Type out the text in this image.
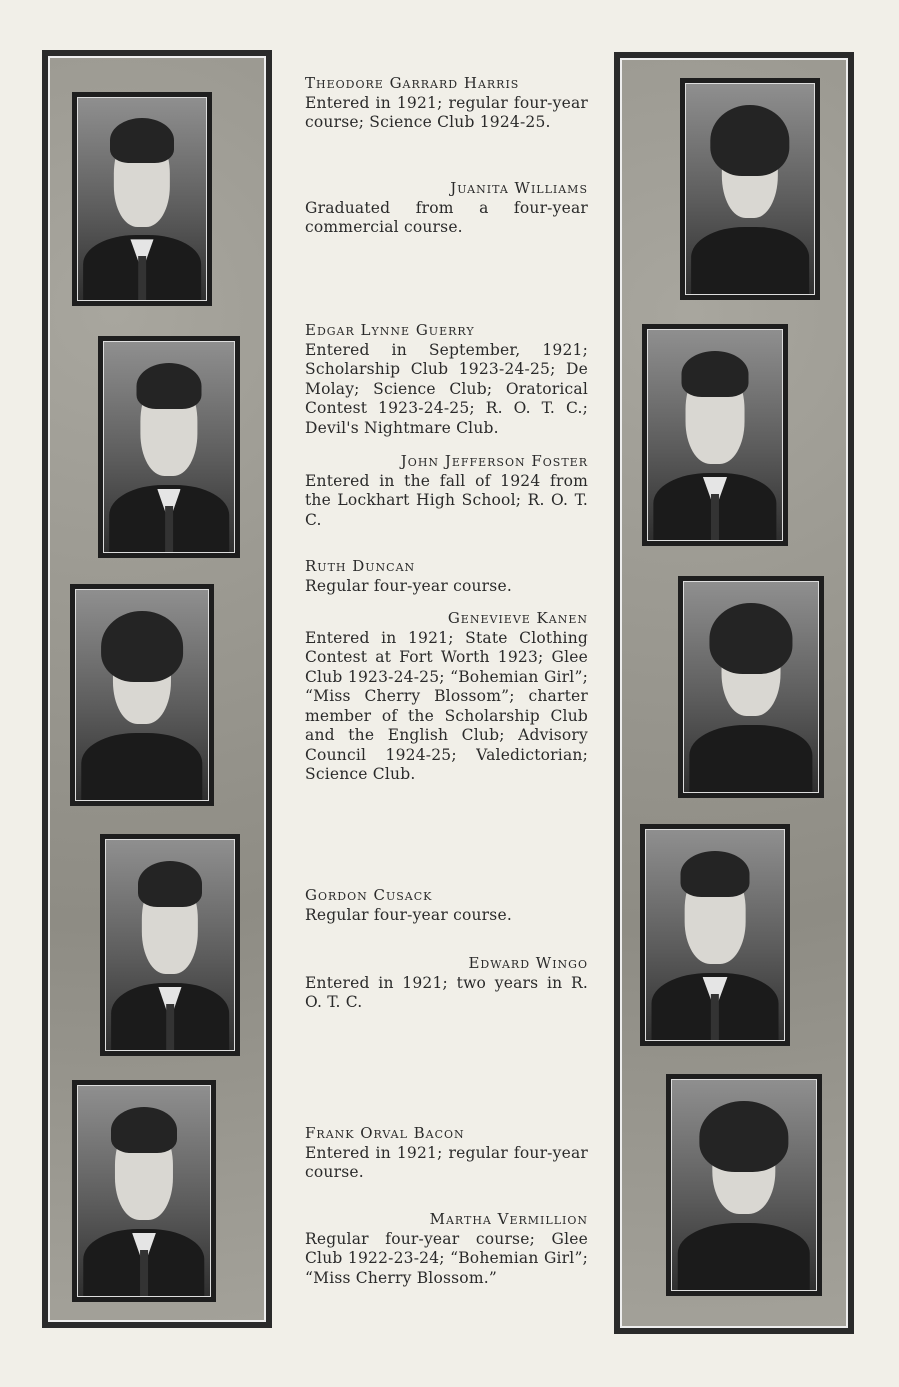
Theodore Garrard Harris
Entered in 1921; regular four-year course; Science Club 1924-25.
Juanita Williams
Graduated from a four-year commercial course.
Edgar Lynne Guerry
Entered in September, 1921; Scholarship Club 1923-24-25; De Molay; Science Club; Oratorical Contest 1923-24-25; R. O. T. C.; Devil's Nightmare Club.
John Jefferson Foster
Entered in the fall of 1924 from the Lockhart High School; R. O. T. C.
Ruth Duncan
Regular four-year course.
Genevieve Kanen
Entered in 1921; State Clothing Contest at Fort Worth 1923; Glee Club 1923-24-25; “Bohemian Girl”; “Miss Cherry Blossom”; charter member of the Scholarship Club and the English Club; Advisory Council 1924-25; Valedictorian; Science Club.
Gordon Cusack
Regular four-year course.
Edward Wingo
Entered in 1921; two years in R. O. T. C.
Frank Orval Bacon
Entered in 1921; regular four-year course.
Martha Vermillion
Regular four-year course; Glee Club 1922-23-24; “Bohemian Girl”; “Miss Cherry Blossom.”
